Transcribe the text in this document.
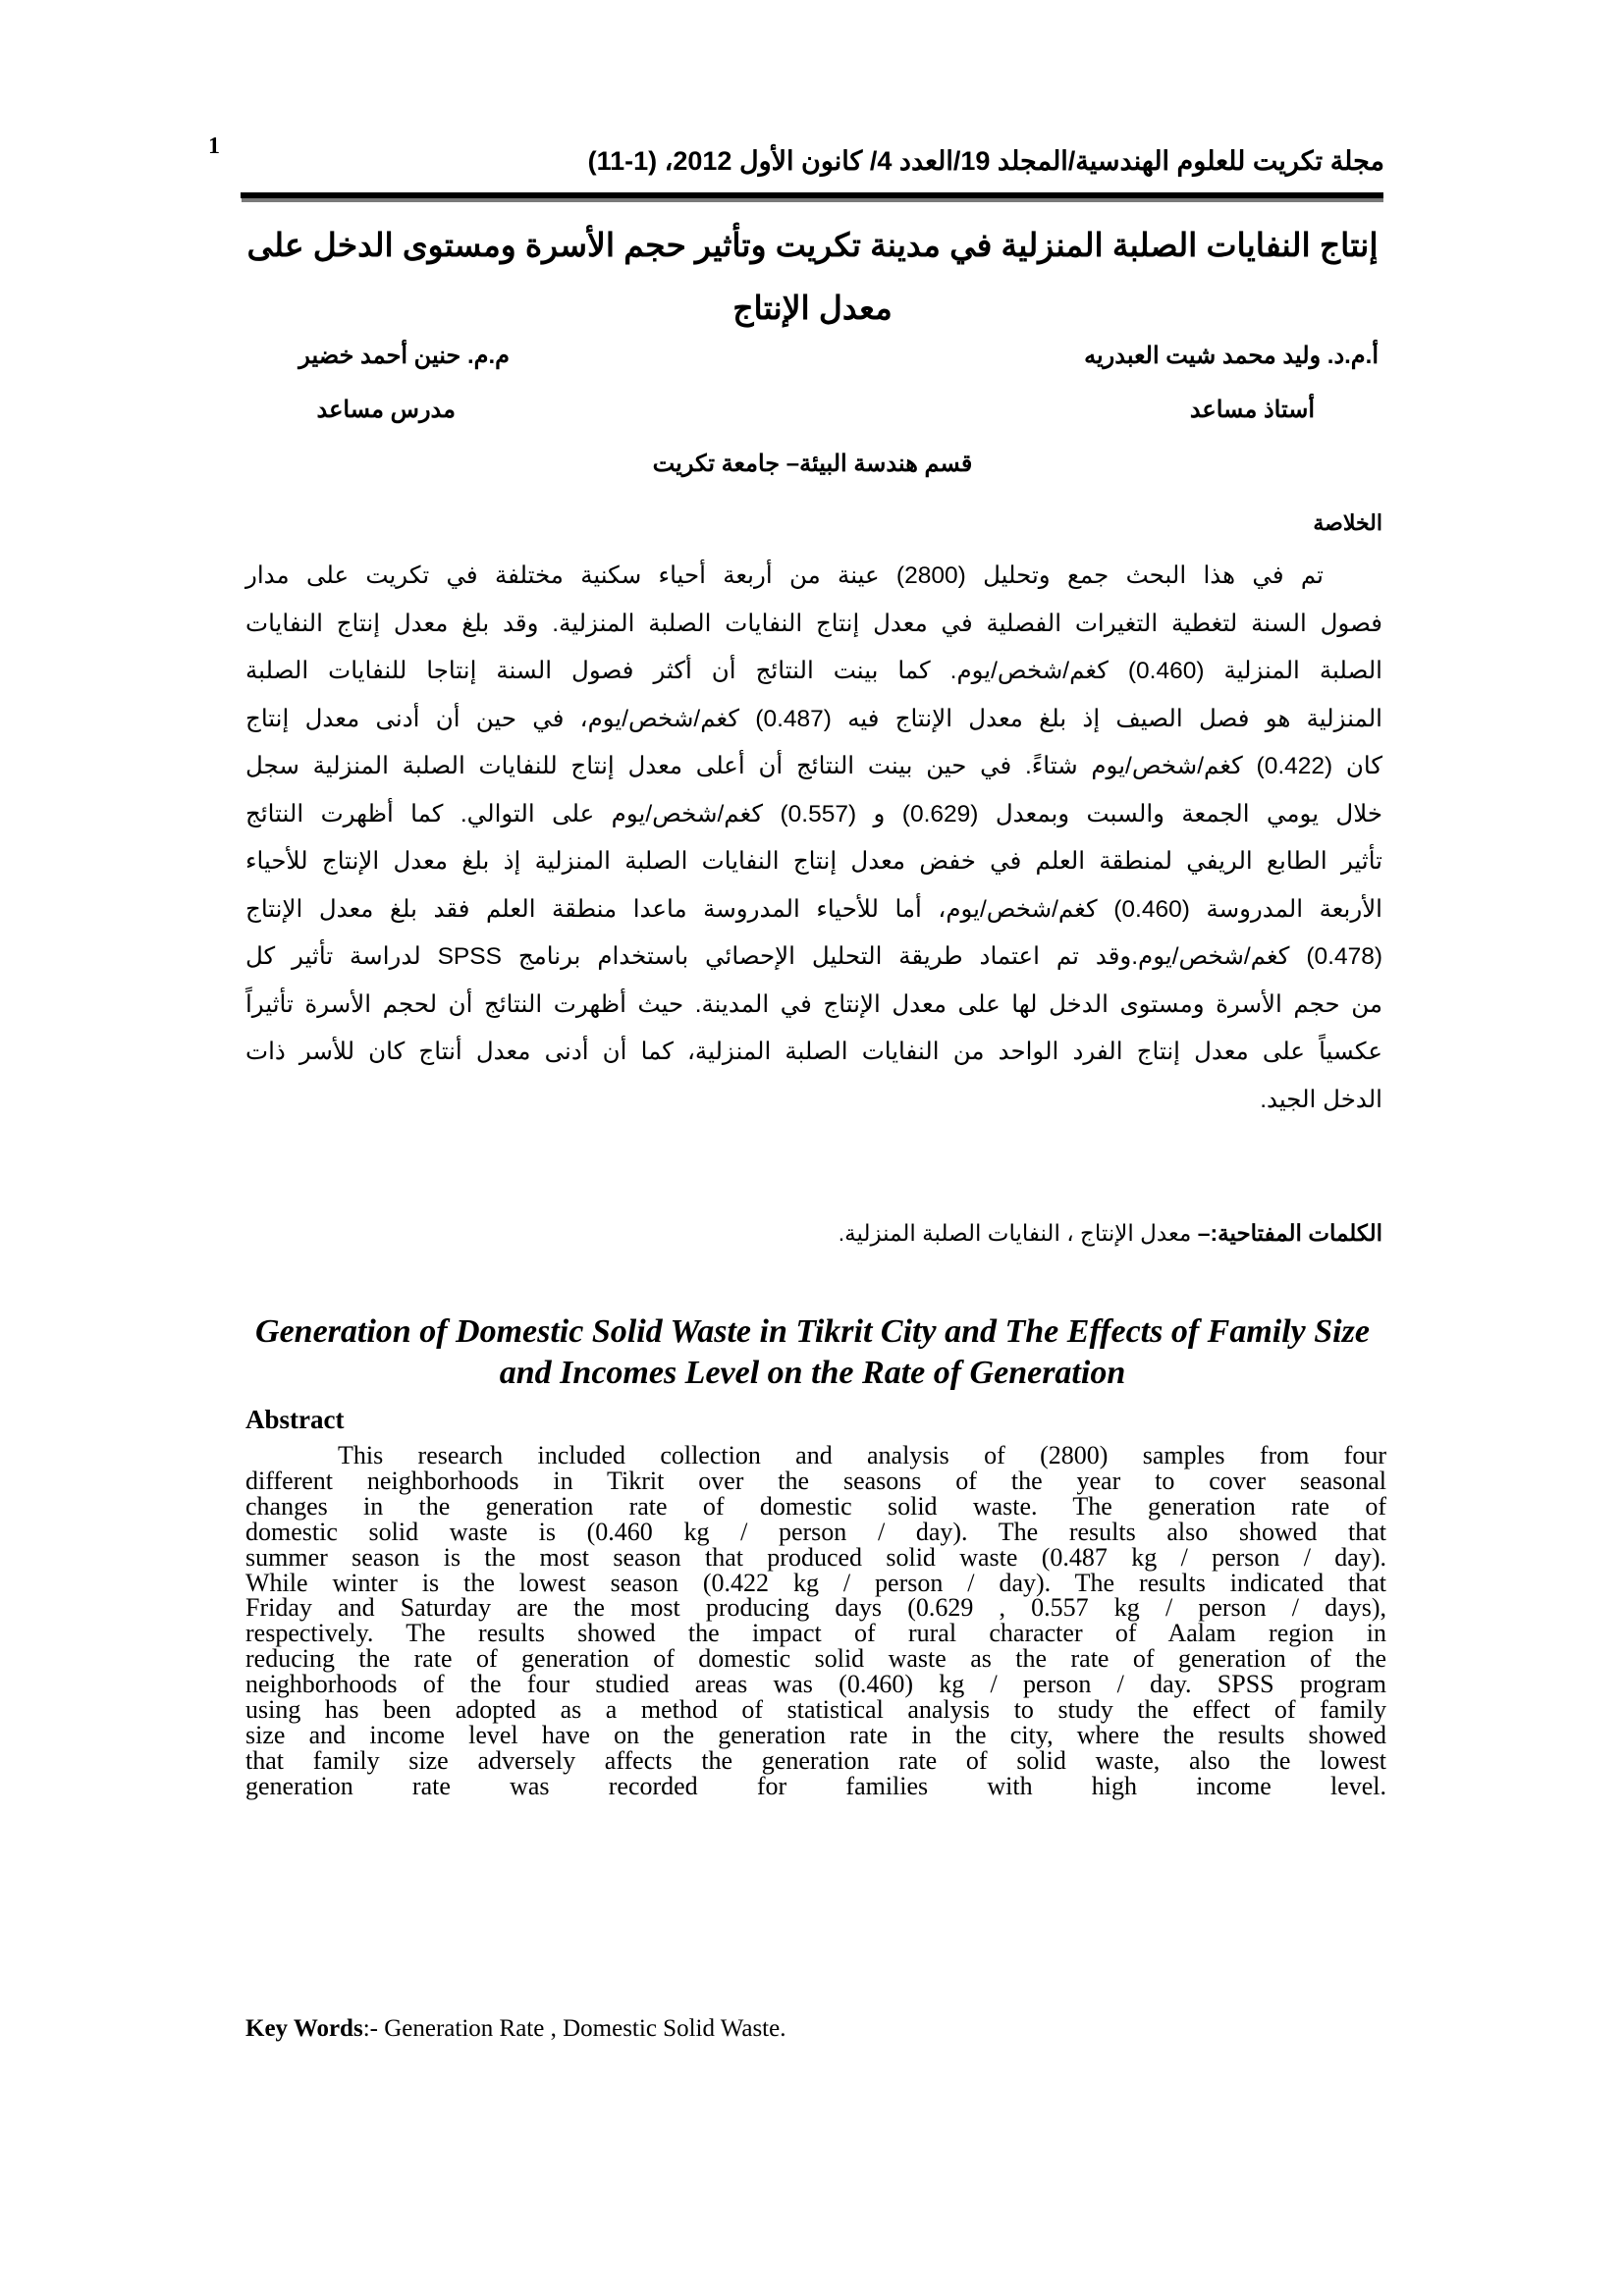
1	مجلة تكريت للعلوم الهندسية/المجلد 19/العدد 4/ كانون الأول 2012، (1-11)
إنتاج النفايات الصلبة المنزلية في مدينة تكريت وتأثير حجم الأسرة ومستوى الدخل على معدل الإنتاج
أ.م.د. وليد محمد شيت العبدريه
أستاذ مساعد
م.م. حنين أحمد خضير
مدرس مساعد
قسم هندسة البيئة– جامعة تكريت
الخلاصة
تم في هذا البحث جمع وتحليل (2800) عينة من أربعة أحياء سكنية مختلفة في تكريت على مدار
فصول السنة لتغطية التغيرات الفصلية في معدل إنتاج النفايات الصلبة المنزلية. وقد بلغ معدل إنتاج النفايات
الصلبة المنزلية (0.460) كغم/شخص/يوم. كما بينت النتائج أن أكثر فصول السنة إنتاجا للنفايات الصلبة
المنزلية هو فصل الصيف إذ بلغ معدل الإنتاج فيه (0.487) كغم/شخص/يوم، في حين أن أدنى معدل إنتاج
كان (0.422) كغم/شخص/يوم شتاءً. في حين بينت النتائج أن أعلى معدل إنتاج للنفايات الصلبة المنزلية سجل
خلال يومي الجمعة والسبت وبمعدل (0.629) و (0.557) كغم/شخص/يوم على التوالي. كما أظهرت النتائج
تأثير الطابع الريفي لمنطقة العلم في خفض معدل إنتاج النفايات الصلبة المنزلية إذ بلغ معدل الإنتاج للأحياء
الأربعة المدروسة (0.460) كغم/شخص/يوم، أما للأحياء المدروسة ماعدا منطقة العلم فقد بلغ معدل الإنتاج
(0.478) كغم/شخص/يوم.وقد تم اعتماد طريقة التحليل الإحصائي باستخدام برنامج SPSS لدراسة تأثير كل
من حجم الأسرة ومستوى الدخل لها على معدل الإنتاج في المدينة. حيث أظهرت النتائج أن لحجم الأسرة تأثيراً
عكسياً على معدل إنتاج الفرد الواحد من النفايات الصلبة المنزلية، كما أن أدنى معدل أنتاج كان للأسر ذات
الدخل الجيد.
الكلمات المفتاحية:– معدل الإنتاج ، النفايات الصلبة المنزلية.
Generation of Domestic Solid Waste in Tikrit City and The Effects of Family Size and Incomes Level on the Rate of Generation
Abstract
This research included collection and analysis of (2800) samples from four
different neighborhoods in Tikrit over the seasons of the year to cover seasonal
changes in the generation rate of domestic solid waste. The generation rate of
domestic solid waste is (0.460 kg / person / day). The results also showed that
summer season is the most season that produced solid waste (0.487 kg / person / day).
While winter is the lowest season (0.422 kg / person / day). The results indicated that
Friday and Saturday are the most producing days (0.629 , 0.557 kg / person / days),
respectively. The results showed the impact of rural character of Aalam region in
reducing the rate of generation of domestic solid waste as the rate of generation of the
neighborhoods of the four studied areas was (0.460) kg / person / day. SPSS program
using has been adopted as a method of statistical analysis to study the effect of family
size and income level have on the generation rate in the city, where the results showed
that family size adversely affects the generation rate of solid waste, also the lowest
generation rate was recorded for families with high income level.
Key Words:- Generation Rate , Domestic Solid Waste.
